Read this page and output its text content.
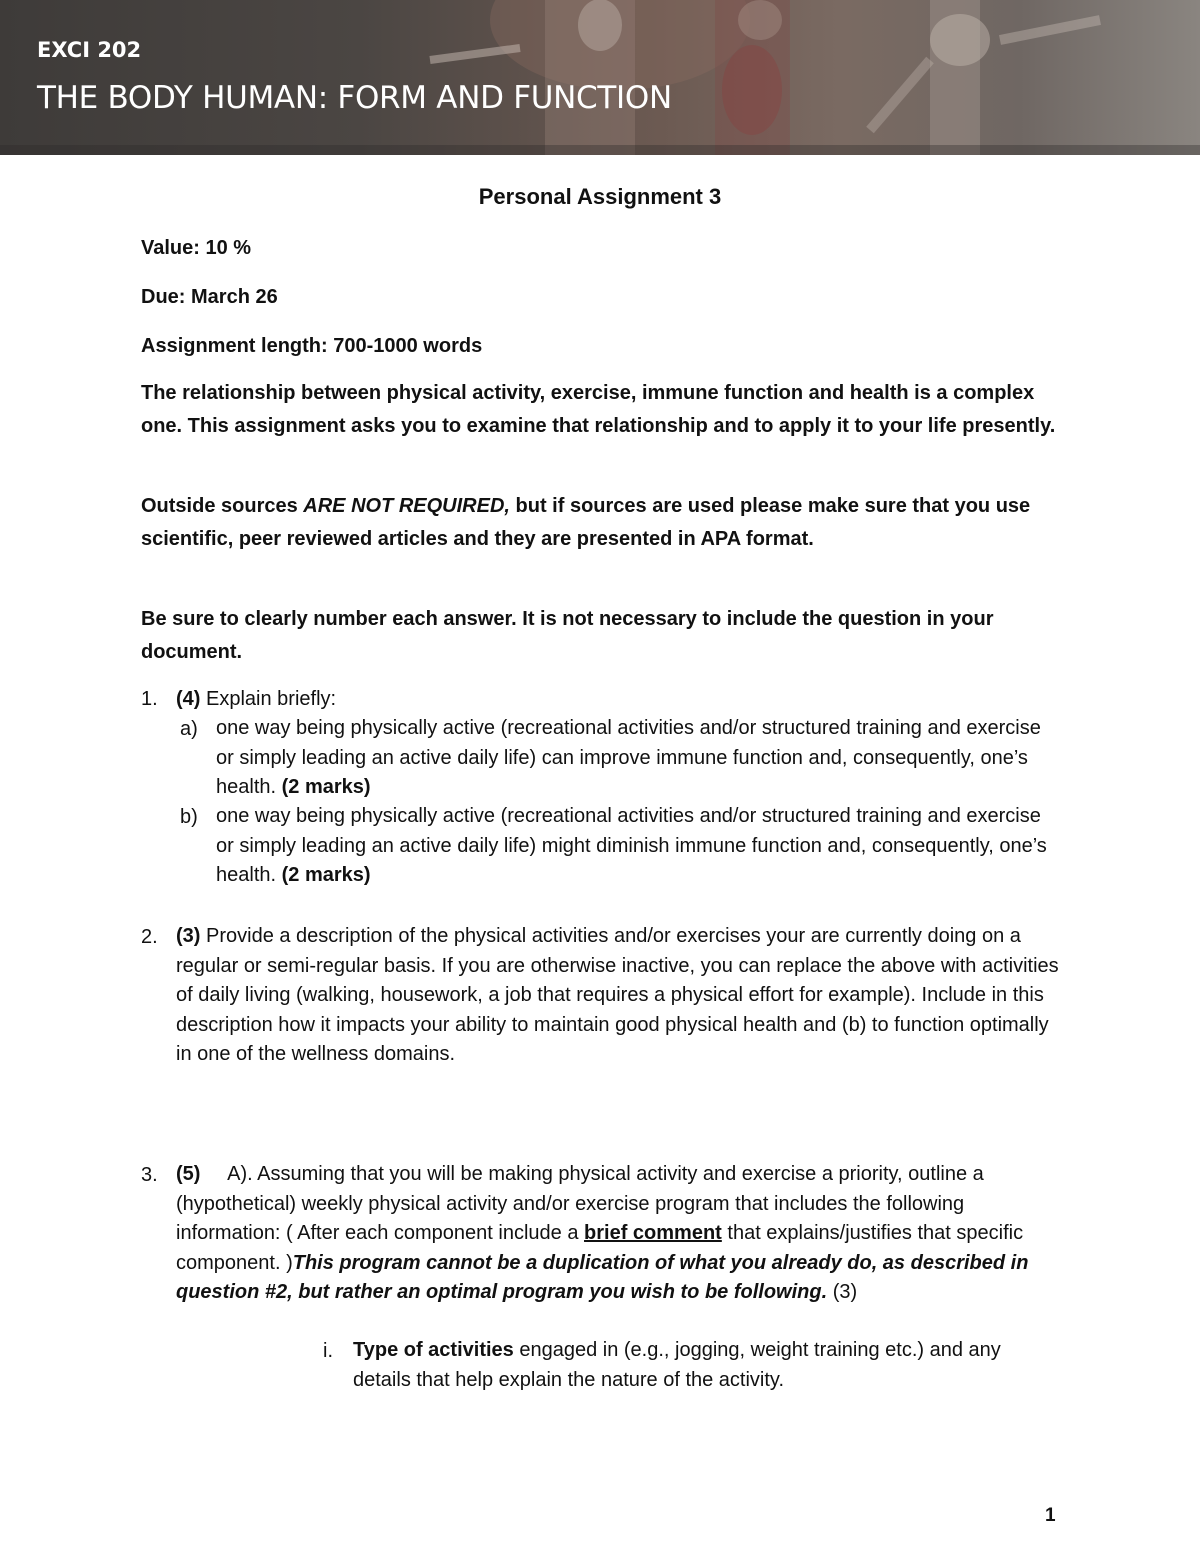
EXCI 202
THE BODY HUMAN: FORM AND FUNCTION
Personal Assignment 3
Value: 10 %
Due: March 26
Assignment length: 700-1000 words
The relationship between physical activity, exercise, immune function and health is a complex one. This assignment asks you to examine that relationship and to apply it to your life presently.
Outside sources ARE NOT REQUIRED, but if sources are used please make sure that you use scientific, peer reviewed articles and they are presented in APA format.
Be sure to clearly number each answer. It is not necessary to include the question in your document.
1. (4) Explain briefly:
a) one way being physically active (recreational activities and/or structured training and exercise or simply leading an active daily life) can improve immune function and, consequently, one’s health. (2 marks)
b) one way being physically active (recreational activities and/or structured training and exercise or simply leading an active daily life) might diminish immune function and, consequently, one’s health. (2 marks)
2. (3) Provide a description of the physical activities and/or exercises your are currently doing on a regular or semi-regular basis. If you are otherwise inactive, you can replace the above with activities of daily living (walking, housework, a job that requires a physical effort for example). Include in this description how it impacts your ability to maintain good physical health and (b) to function optimally in one of the wellness domains.
3. (5)     A). Assuming that you will be making physical activity and exercise a priority, outline a (hypothetical) weekly physical activity and/or exercise program that includes the following information: ( After each component include a brief comment that explains/justifies that specific component. )This program cannot be a duplication of what you already do, as described in question #2, but rather an optimal program you wish to be following. (3)
i. Type of activities engaged in (e.g., jogging, weight training etc.) and any details that help explain the nature of the activity.
1
